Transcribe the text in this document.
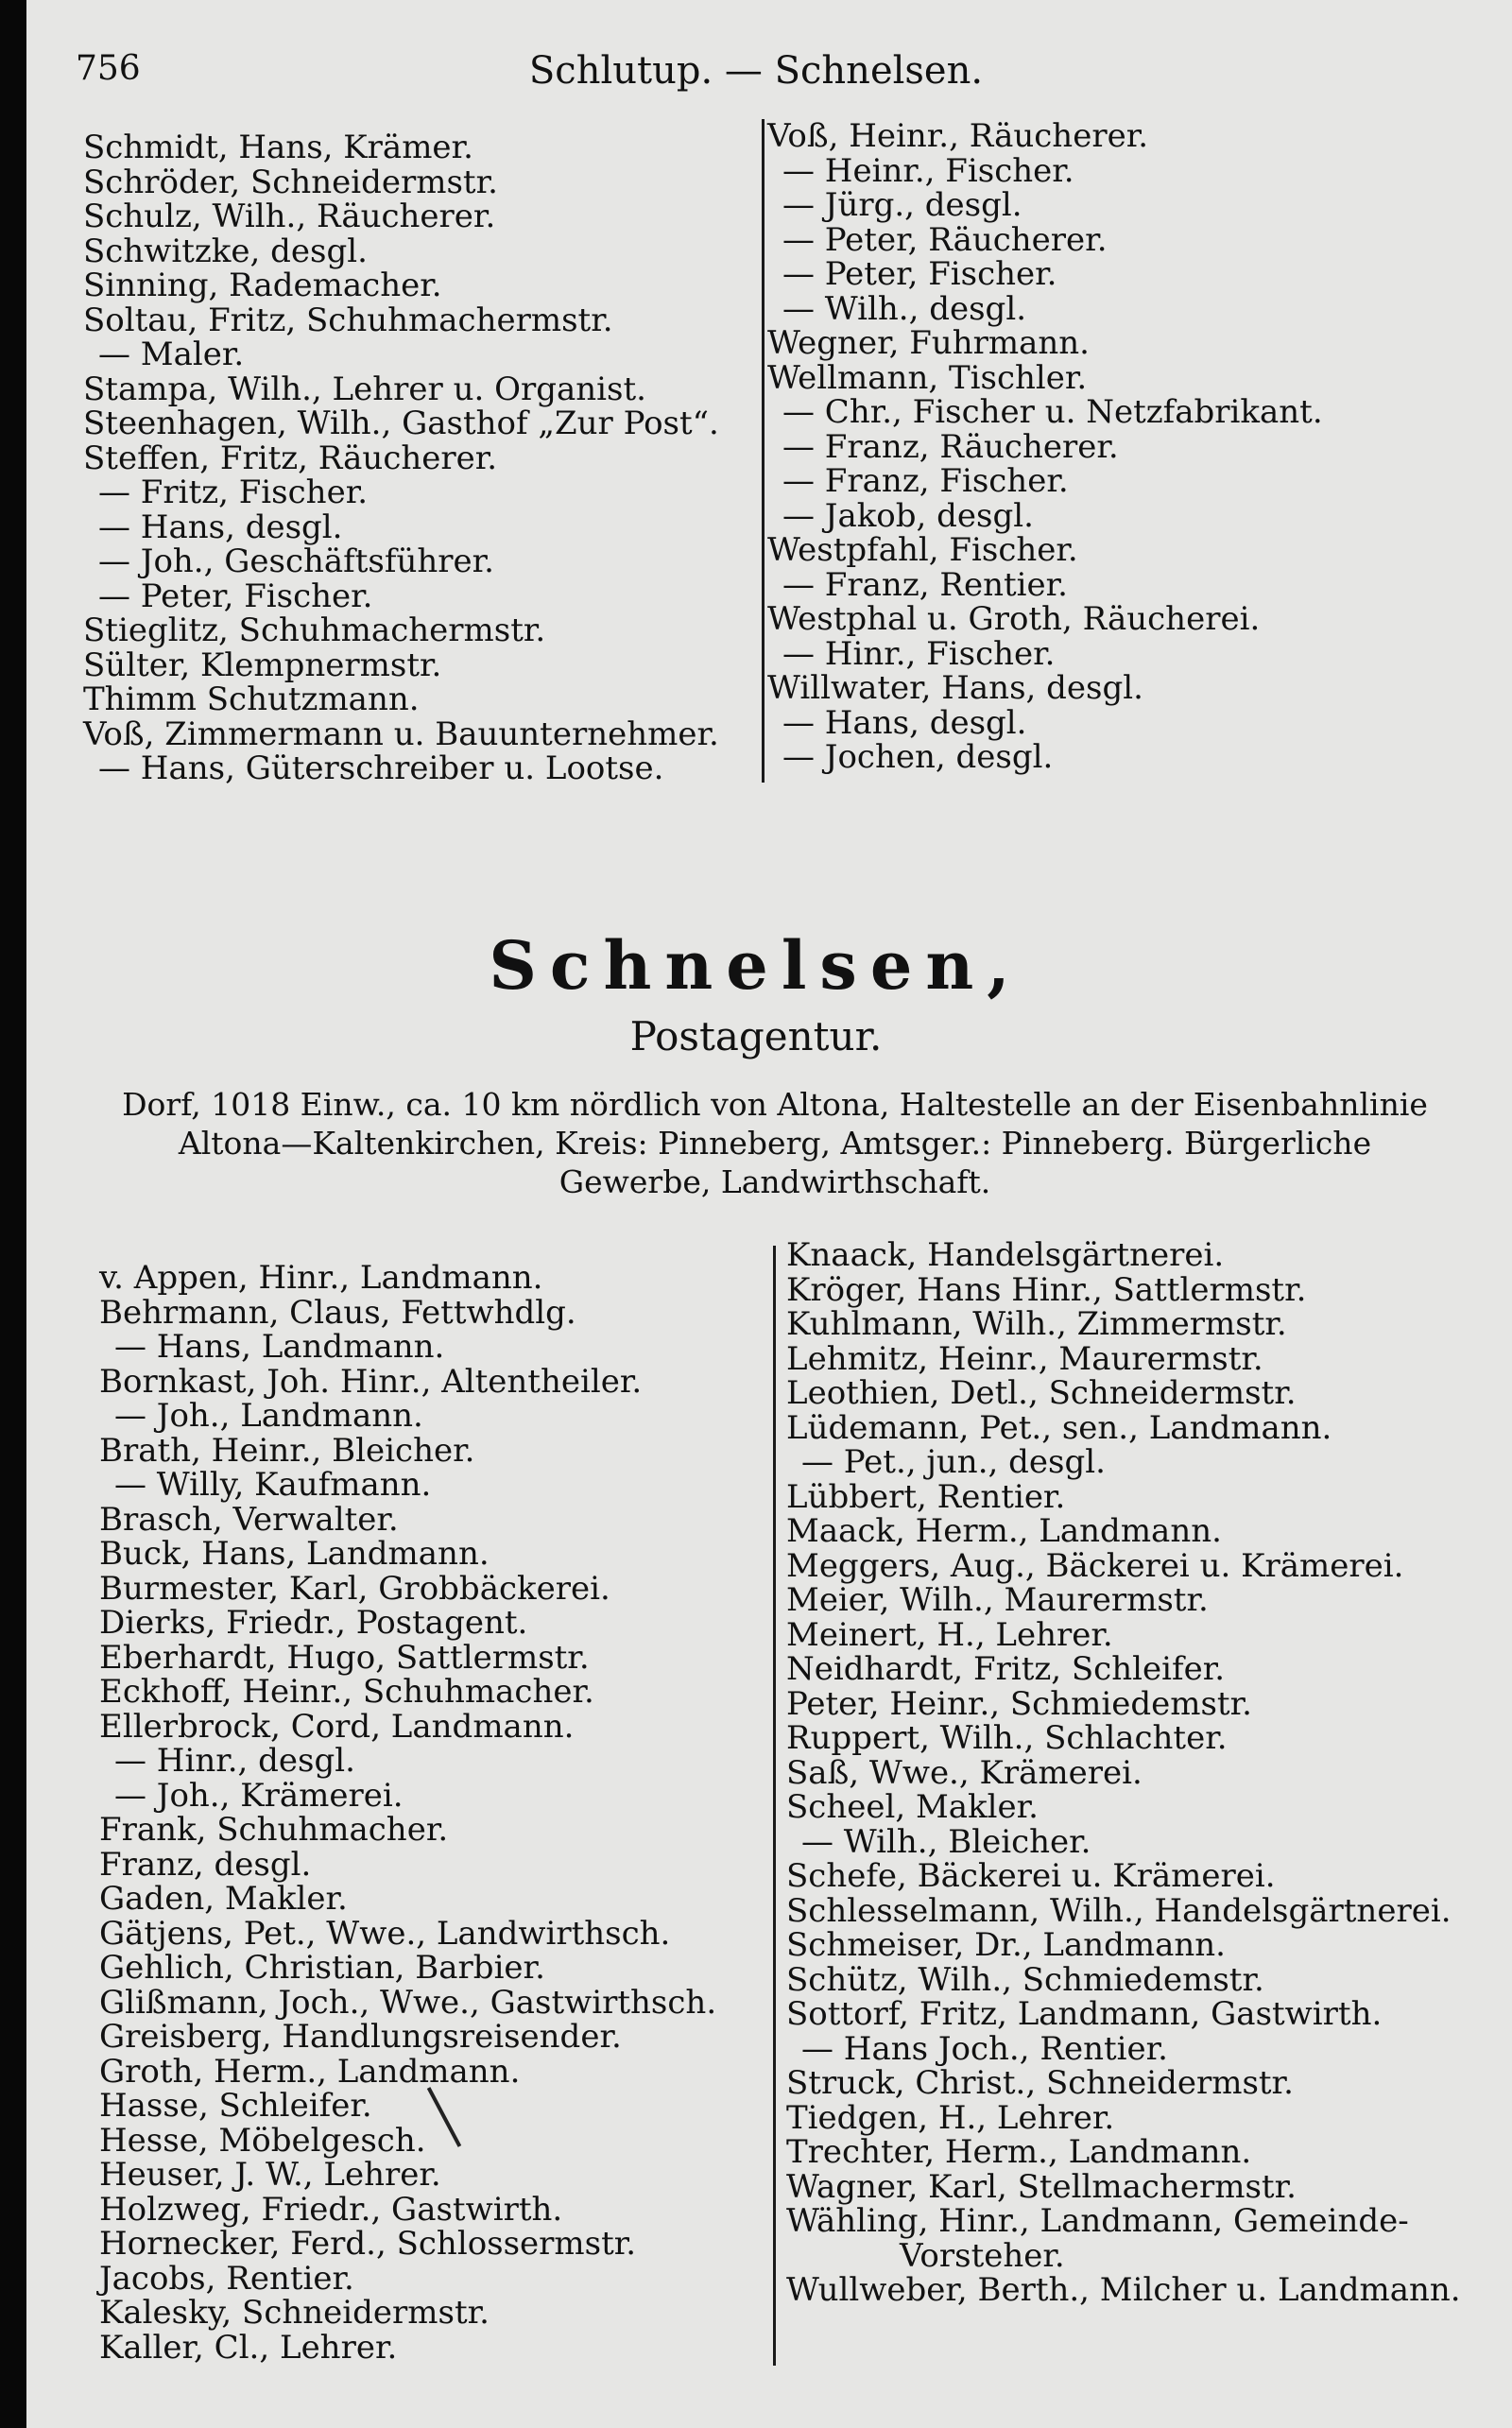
756	Schlutup. — Schnelsen.
Schmidt, Hans, Krämer.
Schröder, Schneidermstr.
Schulz, Wilh., Räucherer.
Schwitzke, desgl.
Sinning, Rademacher.
Soltau, Fritz, Schuhmachermstr.
— Maler.
Stampa, Wilh., Lehrer u. Organist.
Steenhagen, Wilh., Gasthof „Zur Post“.
Steffen, Fritz, Räucherer.
— Fritz, Fischer.
— Hans, desgl.
— Joh., Geschäftsführer.
— Peter, Fischer.
Stieglitz, Schuhmachermstr.
Sülter, Klempnermstr.
Thimm Schutzmann.
Voß, Zimmermann u. Bauunternehmer.
— Hans, Güterschreiber u. Lootse.
Voß, Heinr., Räucherer.
— Heinr., Fischer.
— Jürg., desgl.
— Peter, Räucherer.
— Peter, Fischer.
— Wilh., desgl.
Wegner, Fuhrmann.
Wellmann, Tischler.
— Chr., Fischer u. Netzfabrikant.
— Franz, Räucherer.
— Franz, Fischer.
— Jakob, desgl.
Westpfahl, Fischer.
— Franz, Rentier.
Westphal u. Groth, Räucherei.
— Hinr., Fischer.
Willwater, Hans, desgl.
— Hans, desgl.
— Jochen, desgl.
Schnelsen,
Postagentur.
Dorf, 1018 Einw., ca. 10 km nördlich von Altona, Haltestelle an der Eisenbahnlinie Altona—Kaltenkirchen, Kreis: Pinneberg, Amtsger.: Pinneberg. Bürgerliche Gewerbe, Landwirthschaft.
v. Appen, Hinr., Landmann.
Behrmann, Claus, Fettwhdlg.
— Hans, Landmann.
Bornkast, Joh. Hinr., Altentheiler.
— Joh., Landmann.
Brath, Heinr., Bleicher.
— Willy, Kaufmann.
Brasch, Verwalter.
Buck, Hans, Landmann.
Burmester, Karl, Grobbäckerei.
Dierks, Friedr., Postagent.
Eberhardt, Hugo, Sattlermstr.
Eckhoff, Heinr., Schuhmacher.
Ellerbrock, Cord, Landmann.
— Hinr., desgl.
— Joh., Krämerei.
Frank, Schuhmacher.
Franz, desgl.
Gaden, Makler.
Gätjens, Pet., Wwe., Landwirthsch.
Gehlich, Christian, Barbier.
Glißmann, Joch., Wwe., Gastwirthsch.
Greisberg, Handlungsreisender.
Groth, Herm., Landmann.
Hasse, Schleifer.
Hesse, Möbelgesch.
Heuser, J. W., Lehrer.
Holzweg, Friedr., Gastwirth.
Hornecker, Ferd., Schlossermstr.
Jacobs, Rentier.
Kalesky, Schneidermstr.
Kaller, Cl., Lehrer.
Knaack, Handelsgärtnerei.
Kröger, Hans Hinr., Sattlermstr.
Kuhlmann, Wilh., Zimmermstr.
Lehmitz, Heinr., Maurermstr.
Leothien, Detl., Schneidermstr.
Lüdemann, Pet., sen., Landmann.
— Pet., jun., desgl.
Lübbert, Rentier.
Maack, Herm., Landmann.
Meggers, Aug., Bäckerei u. Krämerei.
Meier, Wilh., Maurermstr.
Meinert, H., Lehrer.
Neidhardt, Fritz, Schleifer.
Peter, Heinr., Schmiedemstr.
Ruppert, Wilh., Schlachter.
Saß, Wwe., Krämerei.
Scheel, Makler.
— Wilh., Bleicher.
Schefe, Bäckerei u. Krämerei.
Schlesselmann, Wilh., Handelsgärtnerei.
Schmeiser, Dr., Landmann.
Schütz, Wilh., Schmiedemstr.
Sottorf, Fritz, Landmann, Gastwirth.
— Hans Joch., Rentier.
Struck, Christ., Schneidermstr.
Tiedgen, H., Lehrer.
Trechter, Herm., Landmann.
Wagner, Karl, Stellmachermstr.
Wähling, Hinr., Landmann, Gemeinde-
Vorsteher.
Wullweber, Berth., Milcher u. Landmann.
